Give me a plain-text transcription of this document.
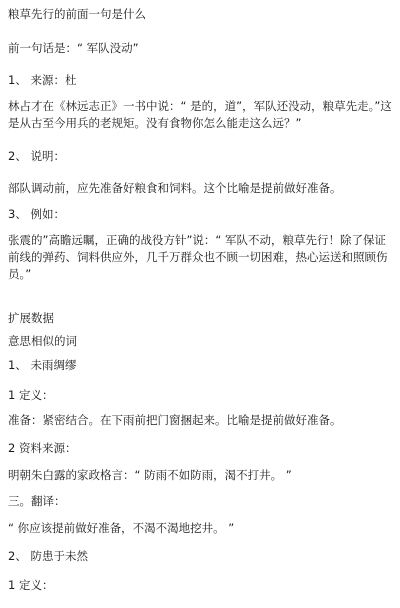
粮草先行的前面一句是什么

前一句话是：“ 军队没动”

1、 来源：杜

林占才在《林远志正》一书中说：“ 是的，道”，军队还没动，粮草先走。”这是从古至今用兵的老规矩。没有食物你怎么能走这么远？”

2、 说明：

部队调动前，应先准备好粮食和饲料。这个比喻是提前做好准备。

3、 例如：

张震的”高瞻远瞩，正确的战役方针”说：“ 军队不动，粮草先行！除了保证前线的弹药、饲料供应外，几千万群众也不顾一切困难，热心运送和照顾伤员。”

扩展数据

意思相似的词

1、 未雨绸缪

1 定义：

准备：紧密结合。在下雨前把门窗捆起来。比喻是提前做好准备。

2 资料来源：

明朝朱白露的家政格言：“ 防雨不如防雨，渴不打井。 ”

三。翻译：

“ 你应该提前做好准备，不渴不渴地挖井。 ”

2、 防患于未然

1 定义：
